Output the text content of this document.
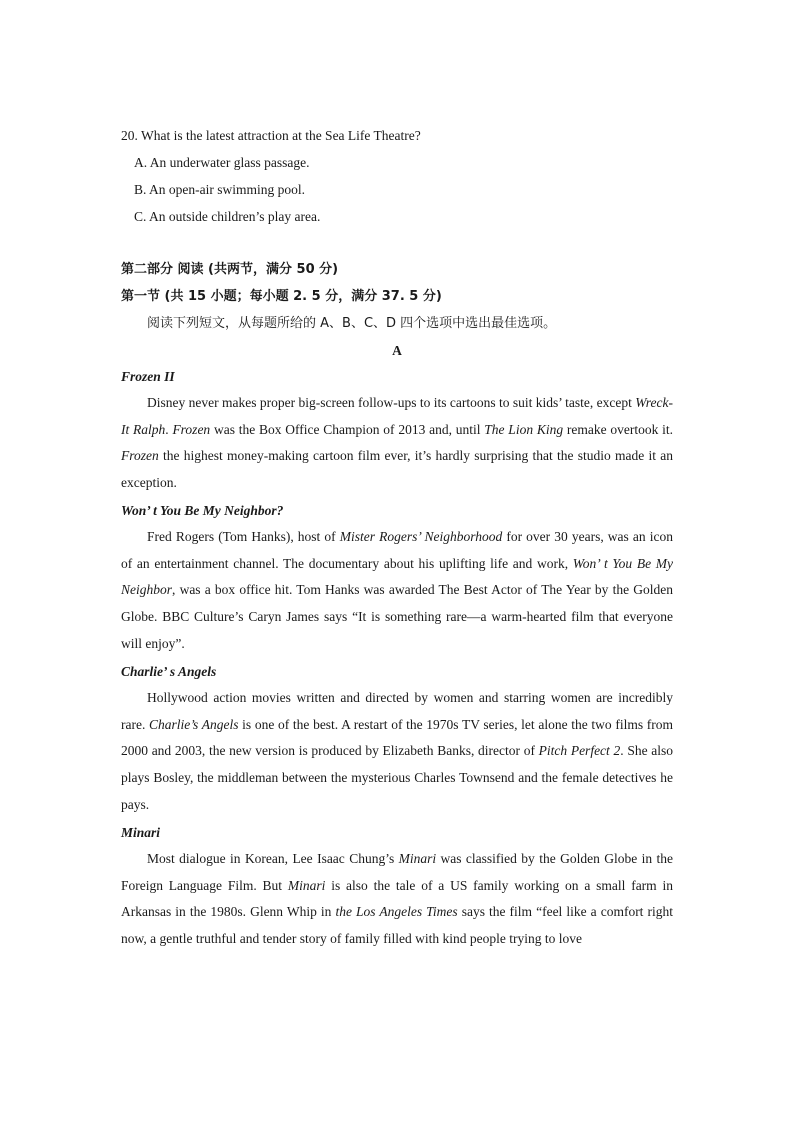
20. What is the latest attraction at the Sea Life Theatre?
A. An underwater glass passage.
B. An open-air swimming pool.
C. An outside children’s play area.
第二部分 阅读 (共两节，满分 50 分)
第一节 (共 15 小题；每小题 2. 5 分，满分 37. 5 分)
阅读下列短文，从每题所给的 A、B、C、D 四个选项中选出最佳选项。
A
Frozen II
Disney never makes proper big-screen follow-ups to its cartoons to suit kids’ taste, except Wreck-It Ralph. Frozen was the Box Office Champion of 2013 and, until The Lion King remake overtook it. Frozen the highest money-making cartoon film ever, it’s hardly surprising that the studio made it an exception.
Won’ t You Be My Neighbor?
Fred Rogers (Tom Hanks), host of Mister Rogers’ Neighborhood for over 30 years, was an icon of an entertainment channel. The documentary about his uplifting life and work, Won’ t You Be My Neighbor, was a box office hit. Tom Hanks was awarded The Best Actor of The Year by the Golden Globe. BBC Culture’s Caryn James says “It is something rare—a warm-hearted film that everyone will enjoy”.
Charlie’ s Angels
Hollywood action movies written and directed by women and starring women are incredibly rare. Charlie’s Angels is one of the best. A restart of the 1970s TV series, let alone the two films from 2000 and 2003, the new version is produced by Elizabeth Banks, director of Pitch Perfect 2. She also plays Bosley, the middleman between the mysterious Charles Townsend and the female detectives he pays.
Minari
Most dialogue in Korean, Lee Isaac Chung’s Minari was classified by the Golden Globe in the Foreign Language Film. But Minari is also the tale of a US family working on a small farm in Arkansas in the 1980s. Glenn Whip in the Los Angeles Times says the film “feel like a comfort right now, a gentle truthful and tender story of family filled with kind people trying to love
